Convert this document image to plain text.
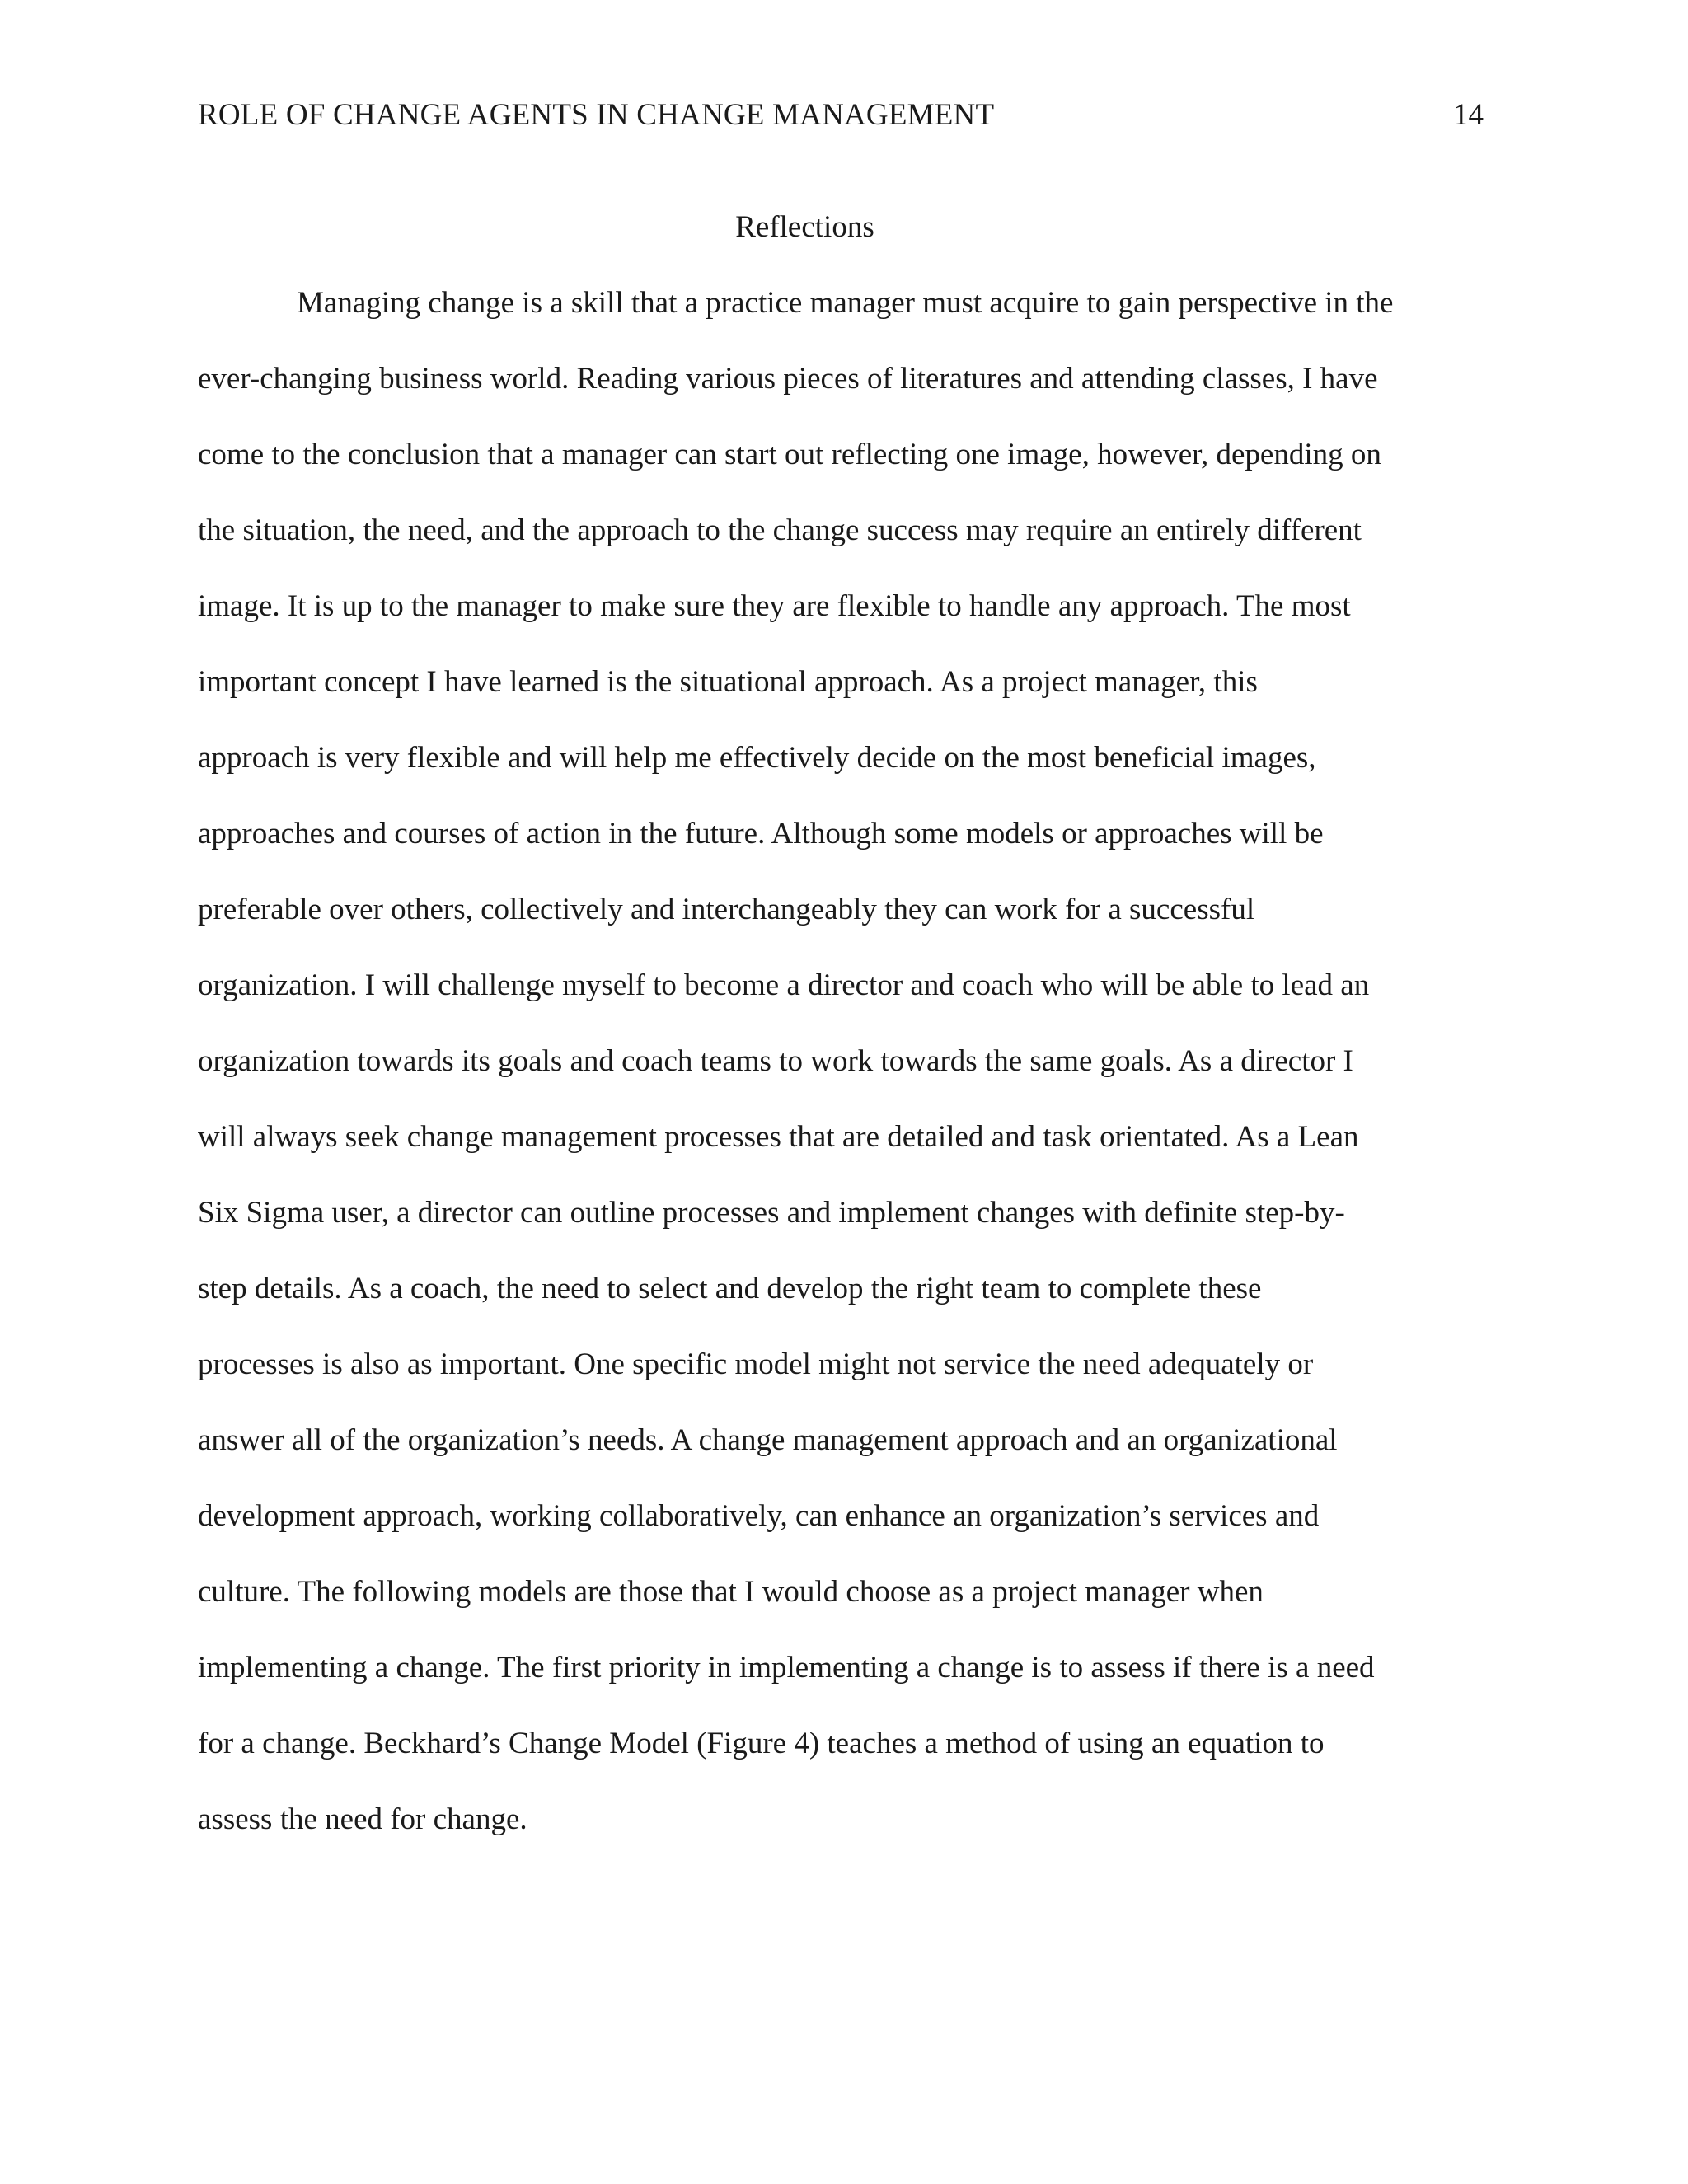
ROLE OF CHANGE AGENTS IN CHANGE MANAGEMENT	14
Reflections
Managing change is a skill that a practice manager must acquire to gain perspective in the
ever-changing business world. Reading various pieces of literatures and attending classes, I have
come to the conclusion that a manager can start out reflecting one image, however, depending on
the situation, the need, and the approach to the change success may require an entirely different
image. It is up to the manager to make sure they are flexible to handle any approach. The most
important concept I have learned is the situational approach. As a project manager, this
approach is very flexible and will help me effectively decide on the most beneficial images,
approaches and courses of action in the future. Although some models or approaches will be
preferable over others, collectively and interchangeably they can work for a successful
organization. I will challenge myself to become a director and coach who will be able to lead an
organization towards its goals and coach teams to work towards the same goals. As a director I
will always seek change management processes that are detailed and task orientated. As a Lean
Six Sigma user, a director can outline processes and implement changes with definite step-by-
step details. As a coach, the need to select and develop the right team to complete these
processes is also as important. One specific model might not service the need adequately or
answer all of the organization’s needs. A change management approach and an organizational
development approach, working collaboratively, can enhance an organization’s services and
culture. The following models are those that I would choose as a project manager when
implementing a change. The first priority in implementing a change is to assess if there is a need
for a change. Beckhard’s Change Model (Figure 4) teaches a method of using an equation to
assess the need for change.
